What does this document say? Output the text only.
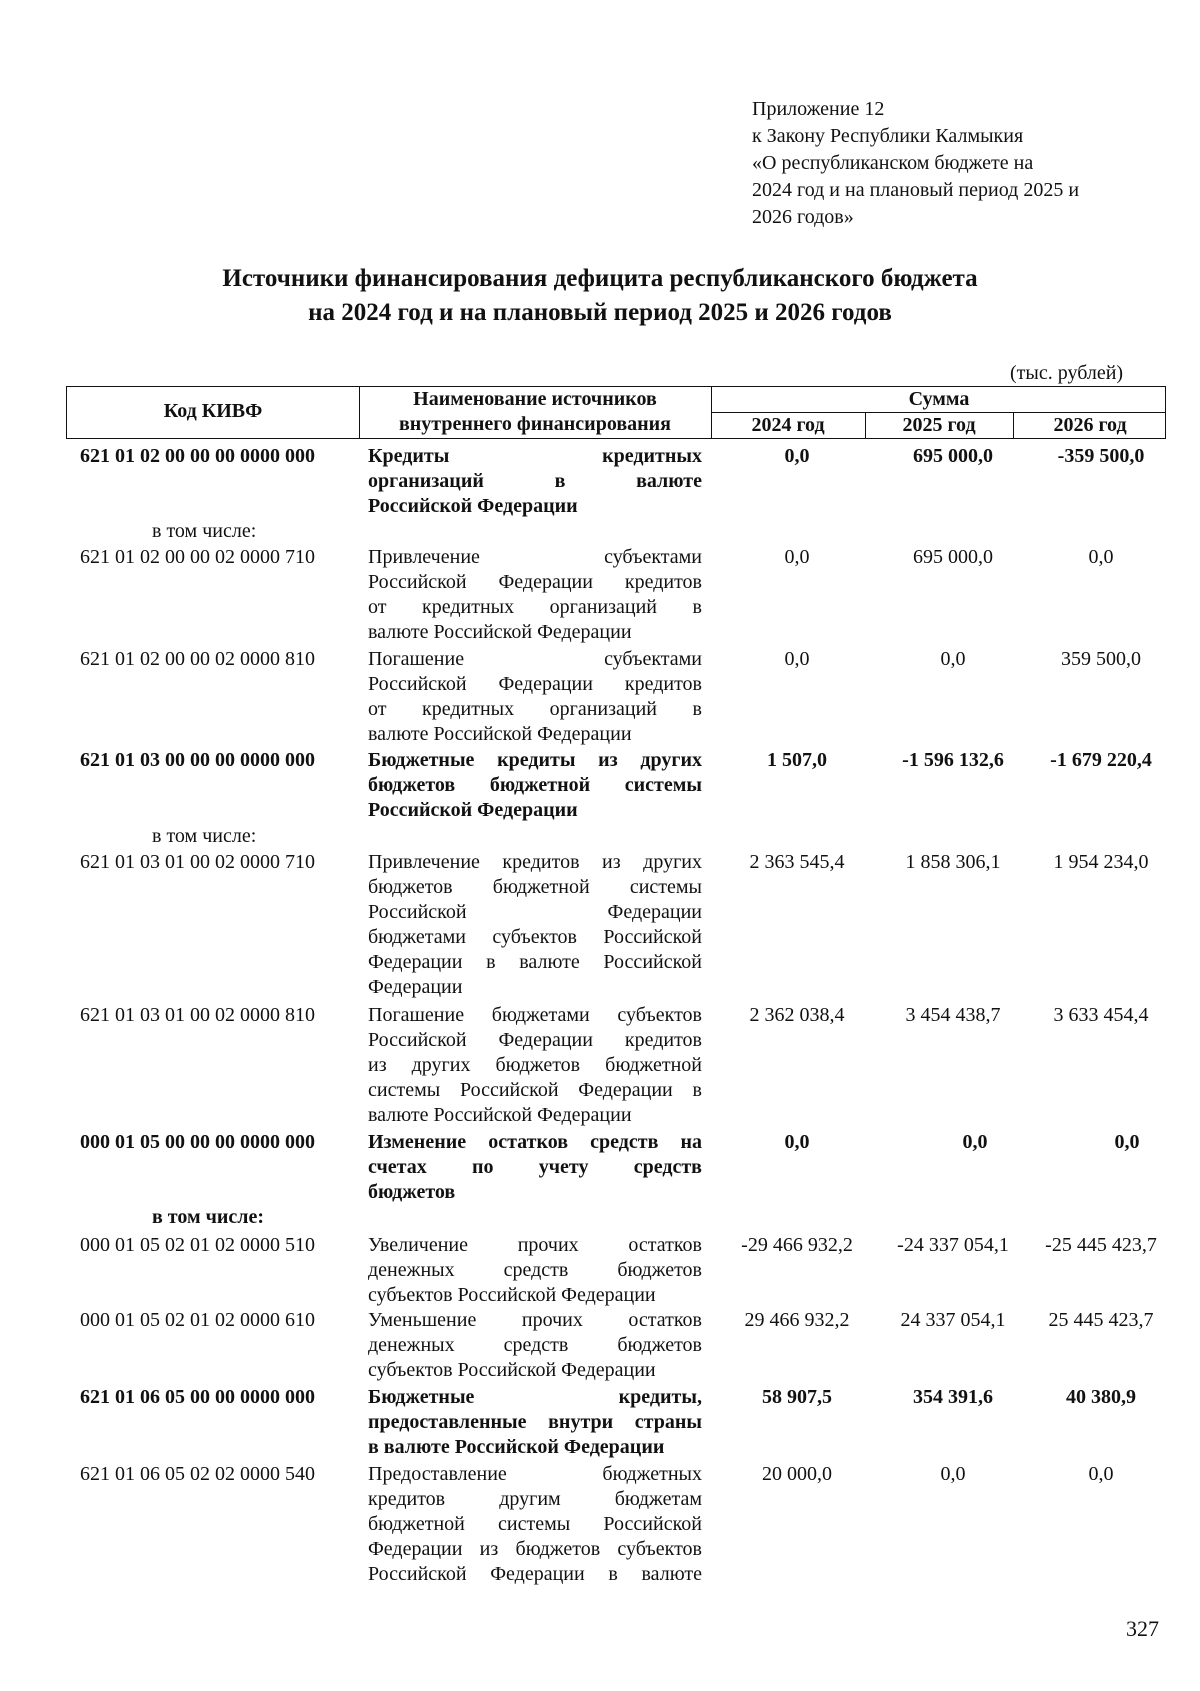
Приложение 12
к Закону Республики Калмыкия
«О республиканском бюджете на
2024 год и на плановый период 2025 и
2026 годов»
Источники финансирования дефицита республиканского бюджета
на 2024 год и на плановый период 2025 и 2026 годов
(тыс. рублей)
Код КИВФ
Наименование источников
внутреннего финансирования
Сумма
2024 год	2025 год	2026 год
621 01 02 00 00 00 0000 000	Кредиты кредитных
организаций в валюте
Российской Федерации
0,0	695 000,0	-359 500,0
в том числе:
621 01 02 00 00 02 0000 710	Привлечение субъектами
Российской Федерации кредитов
от кредитных организаций в
валюте Российской Федерации
0,0	695 000,0	0,0
621 01 02 00 00 02 0000 810	Погашение субъектами
Российской Федерации кредитов
от кредитных организаций в
валюте Российской Федерации
0,0	0,0	359 500,0
621 01 03 00 00 00 0000 000	Бюджетные кредиты из других
бюджетов бюджетной системы
Российской Федерации
1 507,0	-1 596 132,6	-1 679 220,4
в том числе:
621 01 03 01 00 02 0000 710	Привлечение кредитов из других
бюджетов бюджетной системы
Российской Федерации
бюджетами субъектов Российской
Федерации в валюте Российской
Федерации
2 363 545,4	1 858 306,1	1 954 234,0
621 01 03 01 00 02 0000 810	Погашение бюджетами субъектов
Российской Федерации кредитов
из других бюджетов бюджетной
системы Российской Федерации в
валюте Российской Федерации
2 362 038,4	3 454 438,7	3 633 454,4
000 01 05 00 00 00 0000 000	Изменение остатков средств на
счетах по учету средств
бюджетов
0,0	0,0	0,0
в том числе:
000 01 05 02 01 02 0000 510	Увеличение прочих остатков
денежных средств бюджетов
субъектов Российской Федерации
-29 466 932,2	-24 337 054,1	-25 445 423,7
000 01 05 02 01 02 0000 610	Уменьшение прочих остатков
денежных средств бюджетов
субъектов Российской Федерации
29 466 932,2	24 337 054,1	25 445 423,7
621 01 06 05 00 00 0000 000	Бюджетные кредиты,
предоставленные внутри страны
в валюте Российской Федерации
58 907,5	354 391,6	40 380,9
621 01 06 05 02 02 0000 540	Предоставление бюджетных
кредитов другим бюджетам
бюджетной системы Российской
Федерации из бюджетов субъектов
Российской Федерации в валюте
20 000,0	0,0	0,0
327
